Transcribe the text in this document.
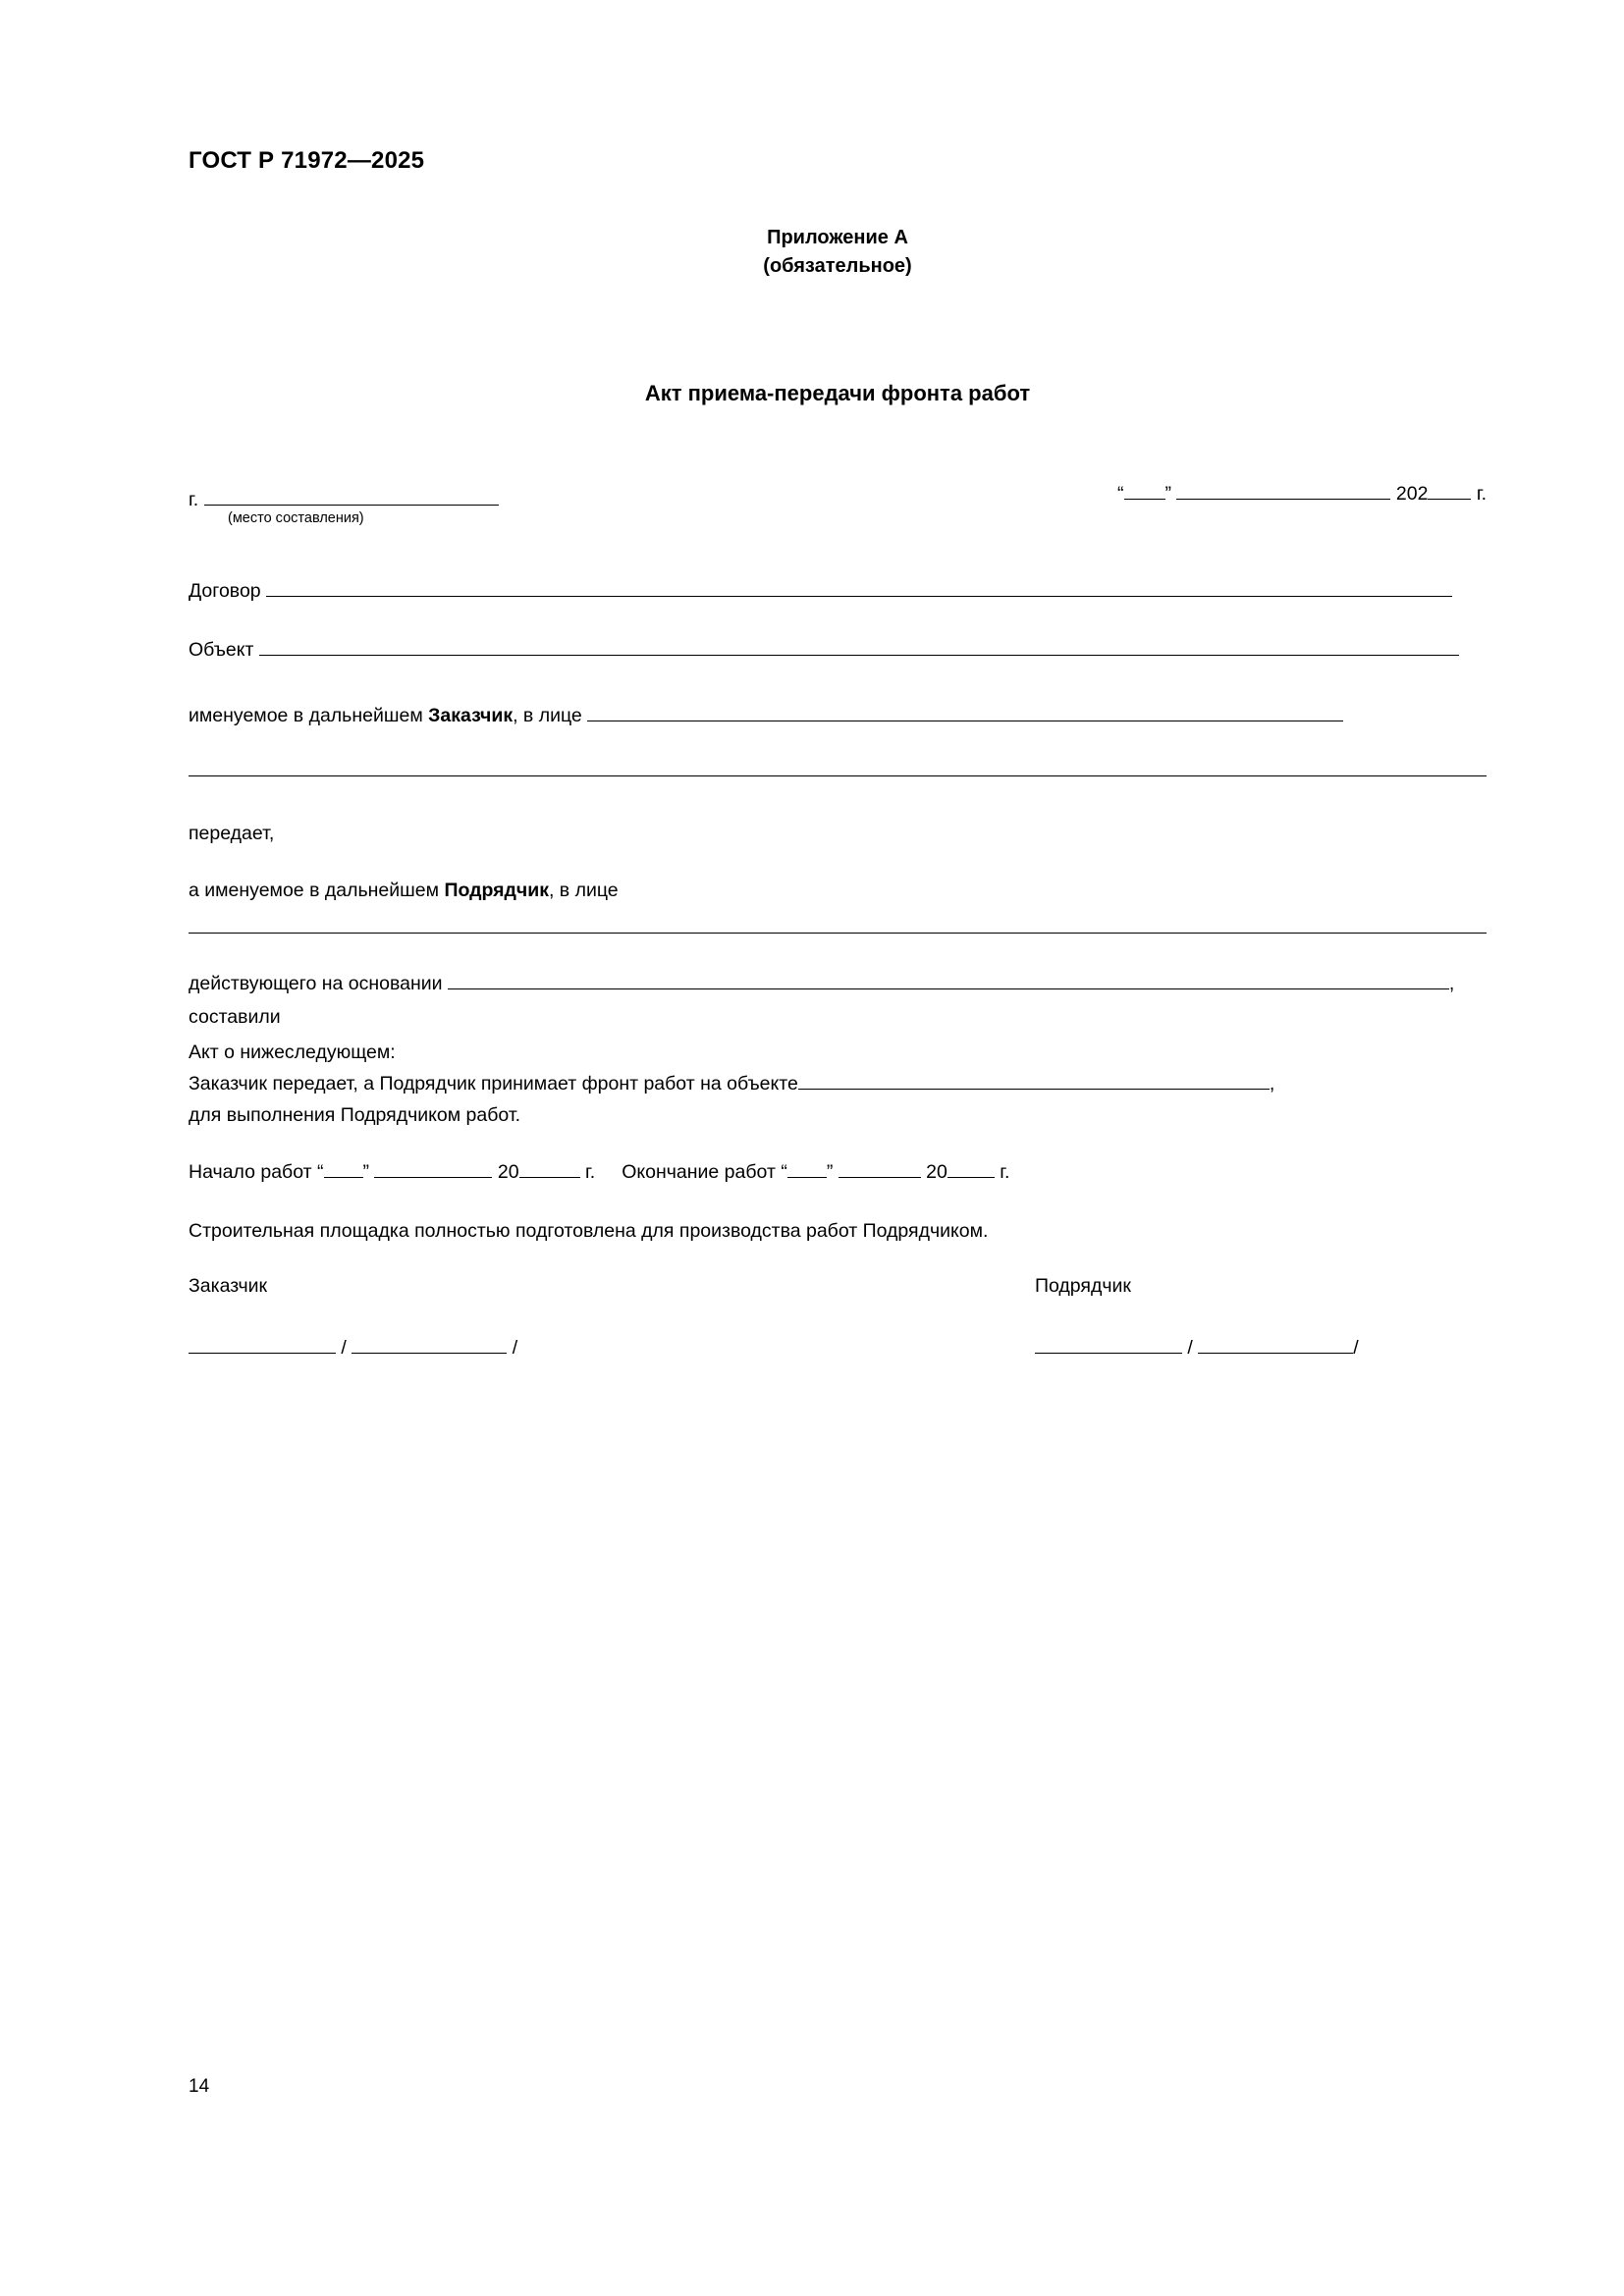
ГОСТ Р 71972—2025
Приложение А
(обязательное)
Акт приема-передачи фронта работ
г.
(место составления)
“ ”	202	г.
Договор
Объект
именуемое в дальнейшем Заказчик, в лице
передает,
а именуемое в дальнейшем Подрядчик, в лице
действующего на основании	,
составили
Акт о нижеследующем:
Заказчик передает, а Подрядчик принимает фронт работ на объекте	,
для выполнения Подрядчиком работ.
Начало работ “ ”	20	г. Окончание работ “ ”	20	г.
Строительная площадка полностью подготовлена для производства работ Подрядчиком.
Заказчик	Подрядчик
/	/	/	/
14
